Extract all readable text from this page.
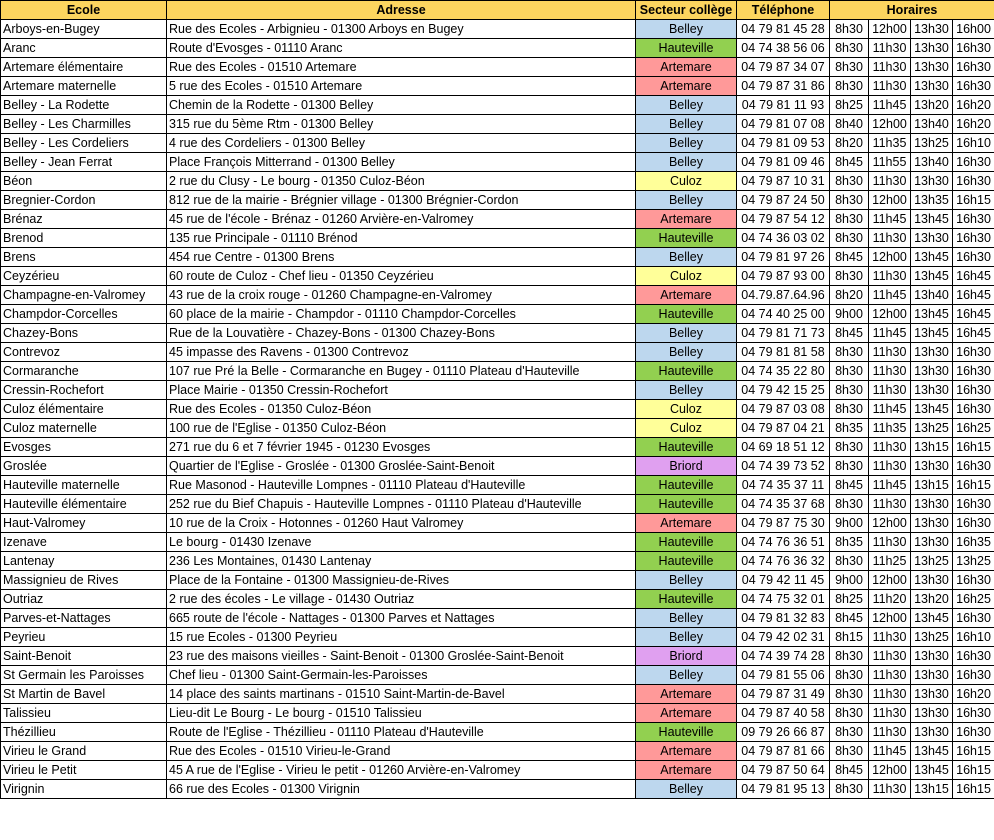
Ecole	Adresse	Secteur collège	Téléphone	Horaires			
Arboys-en-Bugey	Rue des Ecoles - Arbignieu - 01300 Arboys en Bugey	Belley	04 79 81 45 28	8h30	12h00	13h30	16h00
Aranc	Route d'Evosges - 01110 Aranc	Hauteville	04 74 38 56 06	8h30	11h30	13h30	16h30
Artemare élémentaire	Rue des Ecoles - 01510 Artemare	Artemare	04 79 87 34 07	8h30	11h30	13h30	16h30
Artemare maternelle	5 rue des Ecoles - 01510 Artemare	Artemare	04 79 87 31 86	8h30	11h30	13h30	16h30
Belley - La Rodette	Chemin de la Rodette - 01300 Belley	Belley	04 79 81 11 93	8h25	11h45	13h20	16h20
Belley - Les Charmilles	315 rue du 5ème Rtm - 01300 Belley	Belley	04 79 81 07 08	8h40	12h00	13h40	16h20
Belley - Les Cordeliers	4 rue des Cordeliers - 01300 Belley	Belley	04 79 81 09 53	8h20	11h35	13h25	16h10
Belley - Jean Ferrat	Place François Mitterrand - 01300 Belley	Belley	04 79 81 09 46	8h45	11h55	13h40	16h30
Béon	2 rue du Clusy - Le bourg - 01350 Culoz-Béon	Culoz	04 79 87 10 31	8h30	11h30	13h30	16h30
Bregnier-Cordon	812 rue de la mairie - Brégnier village - 01300 Brégnier-Cordon	Belley	04 79 87 24 50	8h30	12h00	13h35	16h15
Brénaz	45 rue de l'école - Brénaz - 01260 Arvière-en-Valromey	Artemare	04 79 87 54 12	8h30	11h45	13h45	16h30
Brenod	135 rue Principale - 01110 Brénod	Hauteville	04 74 36 03 02	8h30	11h30	13h30	16h30
Brens	454 rue Centre - 01300 Brens	Belley	04 79 81 97 26	8h45	12h00	13h45	16h30
Ceyzérieu	60 route de Culoz - Chef lieu - 01350 Ceyzérieu	Culoz	04 79 87 93 00	8h30	11h30	13h45	16h45
Champagne-en-Valromey	43 rue de la croix rouge - 01260 Champagne-en-Valromey	Artemare	04.79.87.64.96	8h20	11h45	13h40	16h45
Champdor-Corcelles	60 place de la mairie - Champdor - 01110 Champdor-Corcelles	Hauteville	04 74 40 25 00	9h00	12h00	13h45	16h45
Chazey-Bons	Rue de la Louvatière - Chazey-Bons - 01300 Chazey-Bons	Belley	04 79 81 71 73	8h45	11h45	13h45	16h45
Contrevoz	45 impasse des Ravens - 01300 Contrevoz	Belley	04 79 81 81 58	8h30	11h30	13h30	16h30
Cormaranche	107 rue Pré la Belle - Cormaranche en Bugey - 01110 Plateau d'Hauteville	Hauteville	04 74 35 22 80	8h30	11h30	13h30	16h30
Cressin-Rochefort	Place Mairie - 01350 Cressin-Rochefort	Belley	04 79 42 15 25	8h30	11h30	13h30	16h30
Culoz élémentaire	Rue des Ecoles - 01350 Culoz-Béon	Culoz	04 79 87 03 08	8h30	11h45	13h45	16h30
Culoz maternelle	100 rue de l'Eglise - 01350 Culoz-Béon	Culoz	04 79 87 04 21	8h35	11h35	13h25	16h25
Evosges	271 rue du 6 et 7 février 1945 - 01230 Evosges	Hauteville	04 69 18 51 12	8h30	11h30	13h15	16h15
Groslée	Quartier de l'Eglise - Groslée - 01300 Groslée-Saint-Benoit	Briord	04 74 39 73 52	8h30	11h30	13h30	16h30
Hauteville maternelle	Rue Masonod - Hauteville Lompnes - 01110 Plateau d'Hauteville	Hauteville	04 74 35 37 11	8h45	11h45	13h15	16h15
Hauteville élémentaire	252 rue du Bief Chapuis - Hauteville Lompnes - 01110 Plateau d'Hauteville	Hauteville	04 74 35 37 68	8h30	11h30	13h30	16h30
Haut-Valromey	10 rue de la Croix - Hotonnes - 01260 Haut Valromey	Artemare	04 79 87 75 30	9h00	12h00	13h30	16h30
Izenave	Le bourg - 01430 Izenave	Hauteville	04 74 76 36 51	8h35	11h30	13h30	16h35
Lantenay	236 Les Montaines, 01430 Lantenay	Hauteville	04 74 76 36 32	8h30	11h25	13h25	13h25
Massignieu de Rives	Place de la Fontaine - 01300 Massignieu-de-Rives	Belley	04 79 42 11 45	9h00	12h00	13h30	16h30
Outriaz	2 rue des écoles - Le village - 01430 Outriaz	Hauteville	04 74 75 32 01	8h25	11h20	13h20	16h25
Parves-et-Nattages	665 route de l'école - Nattages - 01300 Parves et Nattages	Belley	04 79 81 32 83	8h45	12h00	13h45	16h30
Peyrieu	15 rue Ecoles - 01300 Peyrieu	Belley	04 79 42 02 31	8h15	11h30	13h25	16h10
Saint-Benoit	23 rue des maisons vieilles - Saint-Benoit - 01300 Groslée-Saint-Benoit	Briord	04 74 39 74 28	8h30	11h30	13h30	16h30
St Germain les Paroisses	Chef lieu - 01300 Saint-Germain-les-Paroisses	Belley	04 79 81 55 06	8h30	11h30	13h30	16h30
St Martin de Bavel	14 place des saints martinans - 01510 Saint-Martin-de-Bavel	Artemare	04 79 87 31 49	8h30	11h30	13h30	16h20
Talissieu	Lieu-dit Le Bourg - Le bourg - 01510 Talissieu	Artemare	04 79 87 40 58	8h30	11h30	13h30	16h30
Thézillieu	Route de l'Eglise - Thézillieu - 01110 Plateau d'Hauteville	Hauteville	09 79 26 66 87	8h30	11h30	13h30	16h30
Virieu le Grand	Rue des Ecoles - 01510 Virieu-le-Grand	Artemare	04 79 87 81 66	8h30	11h45	13h45	16h15
Virieu le Petit	45 A rue de l'Eglise - Virieu le petit - 01260 Arvière-en-Valromey	Artemare	04 79 87 50 64	8h45	12h00	13h45	16h15
Virignin	66 rue des Ecoles - 01300 Virignin	Belley	04 79 81 95 13	8h30	11h30	13h15	16h15
